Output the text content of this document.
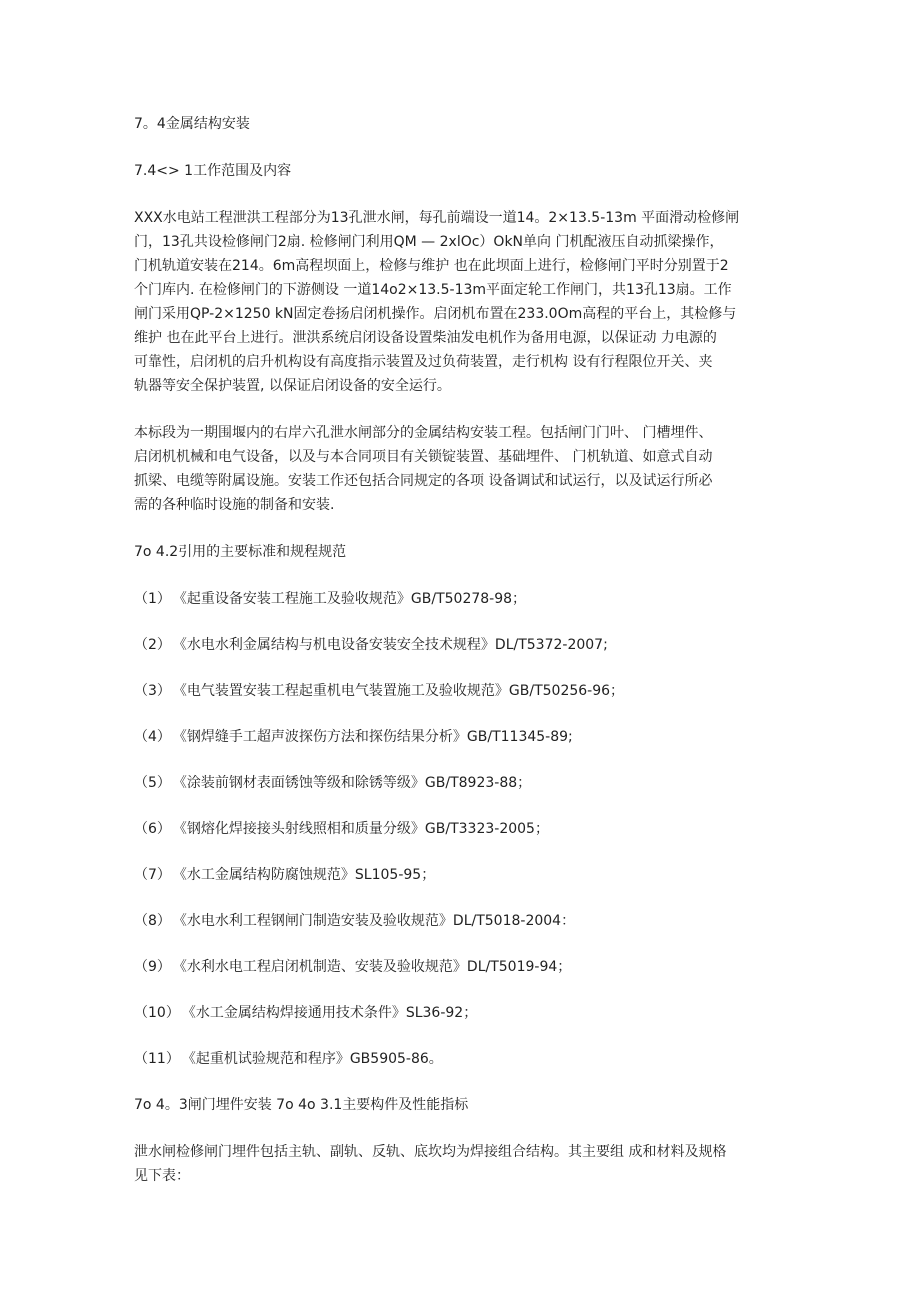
7。4金属结构安装
7.4<> 1工作范围及内容
XXX水电站工程泄洪工程部分为13孔泄水闸，每孔前端设一道14。2×13.5-13m 平面滑动检修闸
门，13孔共设检修闸门2扇. 检修闸门利用QM — 2xlOc）OkN单向 门机配液压自动抓梁操作，
门机轨道安装在214。6m高程坝面上，检修与维护 也在此坝面上进行，检修闸门平时分别置于2
个门库内. 在检修闸门的下游侧设 一道14o2×13.5-13m平面定轮工作闸门，共13孔13扇。工作
闸门采用QP-2×1250 kN固定卷扬启闭机操作。启闭机布置在233.0Om高程的平台上，其检修与
维护 也在此平台上进行。泄洪系统启闭设备设置柴油发电机作为备用电源，以保证动 力电源的
可靠性，启闭机的启升机构设有高度指示装置及过负荷装置，走行机构 设有行程限位开关、夹
轨器等安全保护装置, 以保证启闭设备的安全运行。
本标段为一期围堰内的右岸六孔泄水闸部分的金属结构安装工程。包括闸门门叶、 门槽埋件、
启闭机机械和电气设备，以及与本合同项目有关锁锭装置、基础埋件、 门机轨道、如意式自动
抓梁、电缆等附属设施。安装工作还包括合同规定的各项 设备调试和试运行，以及试运行所必
需的各种临时设施的制备和安装.
7o 4.2引用的主要标准和规程规范
（1） 《起重设备安装工程施工及验收规范》GB/T50278-98；
（2） 《水电水利金属结构与机电设备安装安全技术规程》DL/T5372-2007;
（3） 《电气装置安装工程起重机电气装置施工及验收规范》GB/T50256-96；
（4） 《钢焊缝手工超声波探伤方法和探伤结果分析》GB/T11345-89;
（5） 《涂装前钢材表面锈蚀等级和除锈等级》GB/T8923-88；
（6） 《钢熔化焊接接头射线照相和质量分级》GB/T3323-2005；
（7） 《水工金属结构防腐蚀规范》SL105-95；
（8） 《水电水利工程钢闸门制造安装及验收规范》DL/T5018-2004：
（9） 《水利水电工程启闭机制造、安装及验收规范》DL/T5019-94；
（10） 《水工金属结构焊接通用技术条件》SL36-92；
（11） 《起重机试验规范和程序》GB5905-86。
7o 4。3闸门埋件安装 7o 4o 3.1主要构件及性能指标
泄水闸检修闸门埋件包括主轨、副轨、反轨、底坎均为焊接组合结构。其主要组 成和材料及规格
见下表：
